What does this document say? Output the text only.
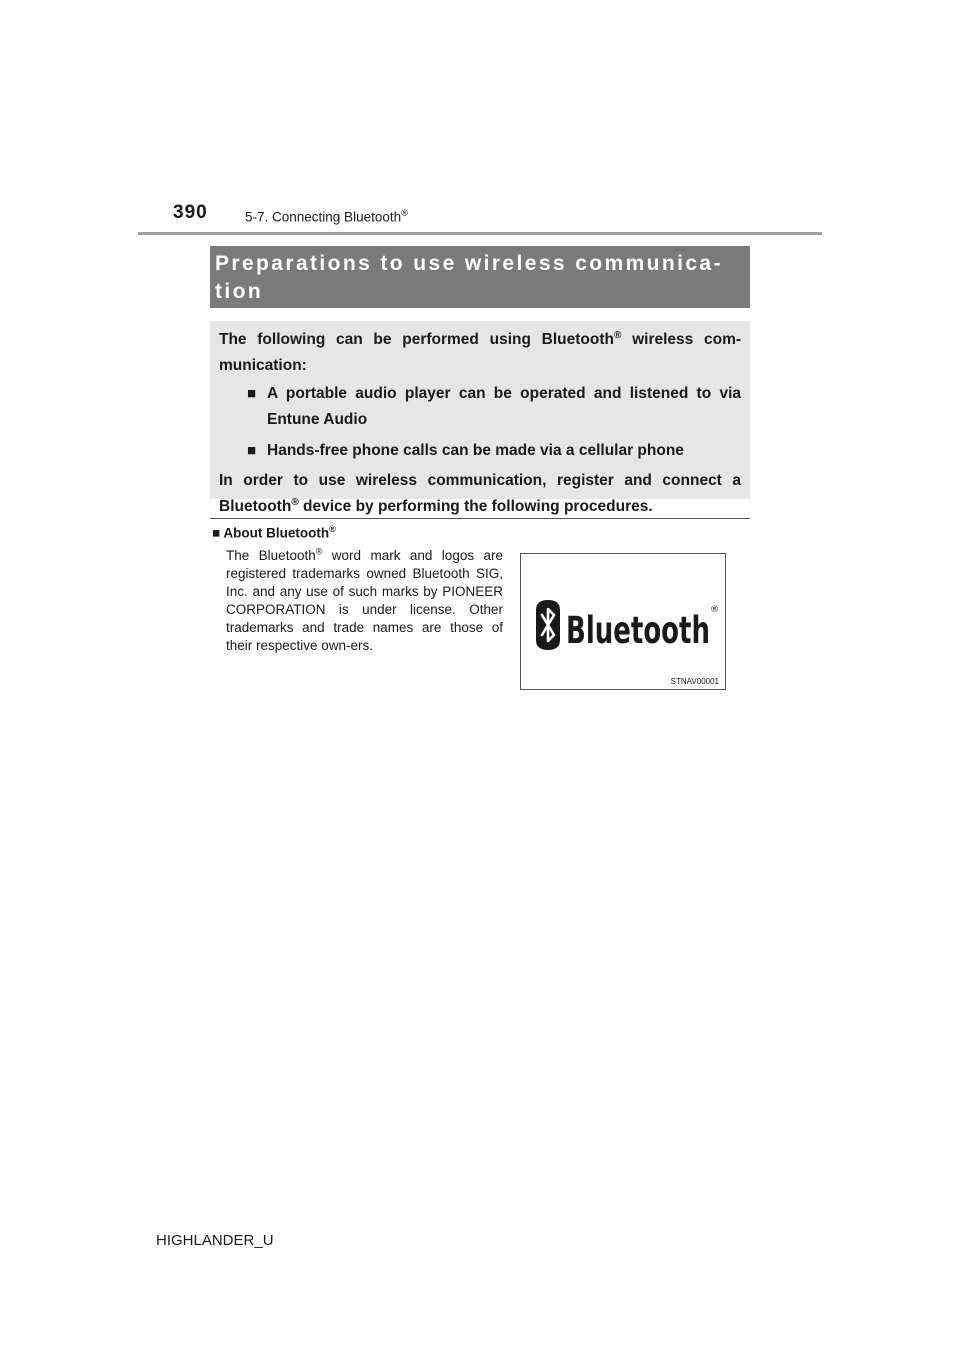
390	5-7. Connecting Bluetooth®

Preparations to use wireless communica-
tion

The following can be performed using Bluetooth® wireless com-munication:

■ A portable audio player can be operated and listened to via Entune Audio
■ Hands-free phone calls can be made via a cellular phone

In order to use wireless communication, register and connect a Bluetooth® device by performing the following procedures.

■ About Bluetooth®

The Bluetooth® word mark and logos are registered trademarks owned Bluetooth SIG, Inc. and any use of such marks by PIONEER CORPORATION is under license. Other trademarks and trade names are those of their respective own-ers.	Bluetooth ®
STNAV00001
HIGHLANDER_U
